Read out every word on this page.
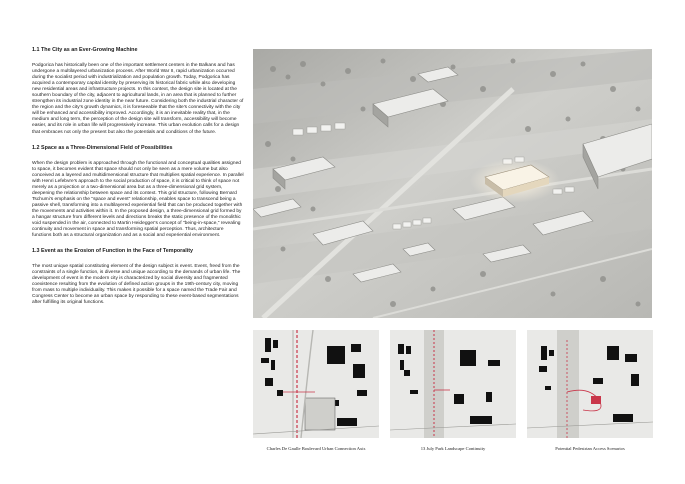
1.1 The City as an Ever-Growing Machine
Podgorica has historically been one of the important settlement centers in the Balkans and has undergone a multilayered urbanization process. After World War II, rapid urbanization occurred during the socialist period with industrialization and population growth. Today, Podgorica has acquired a contemporary capital identity by preserving its historical fabric while also developing new residential areas and infrastructure projects. In this context, the design site is located at the southern boundary of the city, adjacent to agricultural lands, in an area that is planned to further strengthen its industrial zone identity in the near future. Considering both the industrial character of the region and the city's growth dynamics, it is foreseeable that the site's connectivity with the city will be enhanced and accessibility improved. Accordingly, it is an inevitable reality that, in the medium and long term, the perception of the design site will transform, accessibility will become easier, and its role in urban life will progressively increase. This urban evolution calls for a design that embraces not only the present but also the potentials and conditions of the future.
1.2 Space as a Three-Dimensional Field of Possibilities
When the design problem is approached through the functional and conceptual qualities assigned to space, it becomes evident that space should not only be seen as a mere volume but also conceived as a layered and multidimensional structure that multiplies spatial experience. In parallel with Henri Lefebvre's approach to the social production of space, it is critical to think of space not merely as a projection or a two-dimensional area but as a three-dimensional grid system, deepening the relationship between space and its context. This grid structure, following Bernard Tschumi's emphasis on the "space and event" relationship, enables space to transcend being a passive shell, transforming into a multilayered experiential field that can be produced together with the movements and activities within it. In the proposed design, a three-dimensional grid formed by a hangar structure from different levels and directions breaks the static presence of the monolithic void suspended in the air, connected to Martin Heidegger's concept of "being-in-space," revealing continuity and movement in space and transforming spatial perception. Thus, architecture functions both as a structural organization and as a social and experiential environment.
1.3 Event as the Erosion of Function in the Face of Temporality
The most unique spatial constituting element of the design subject is event. Event, freed from the constraints of a single function, is diverse and unique according to the demands of urban life. The development of event in the modern city is characterized by social diversity and fragmented coexistence resulting from the evolution of defined action groups in the 19th-century city, moving from mass to multiple individuality. This makes it possible for a space named the Trade Fair and Congress Center to become an urban space by responding to these event-based segmentations after fulfilling its original functions.
Charles De Gaulle Boulevard Urban Connection Axis	13 July Park Landscape Continuity	Potential Pedestrian Access Scenarios
